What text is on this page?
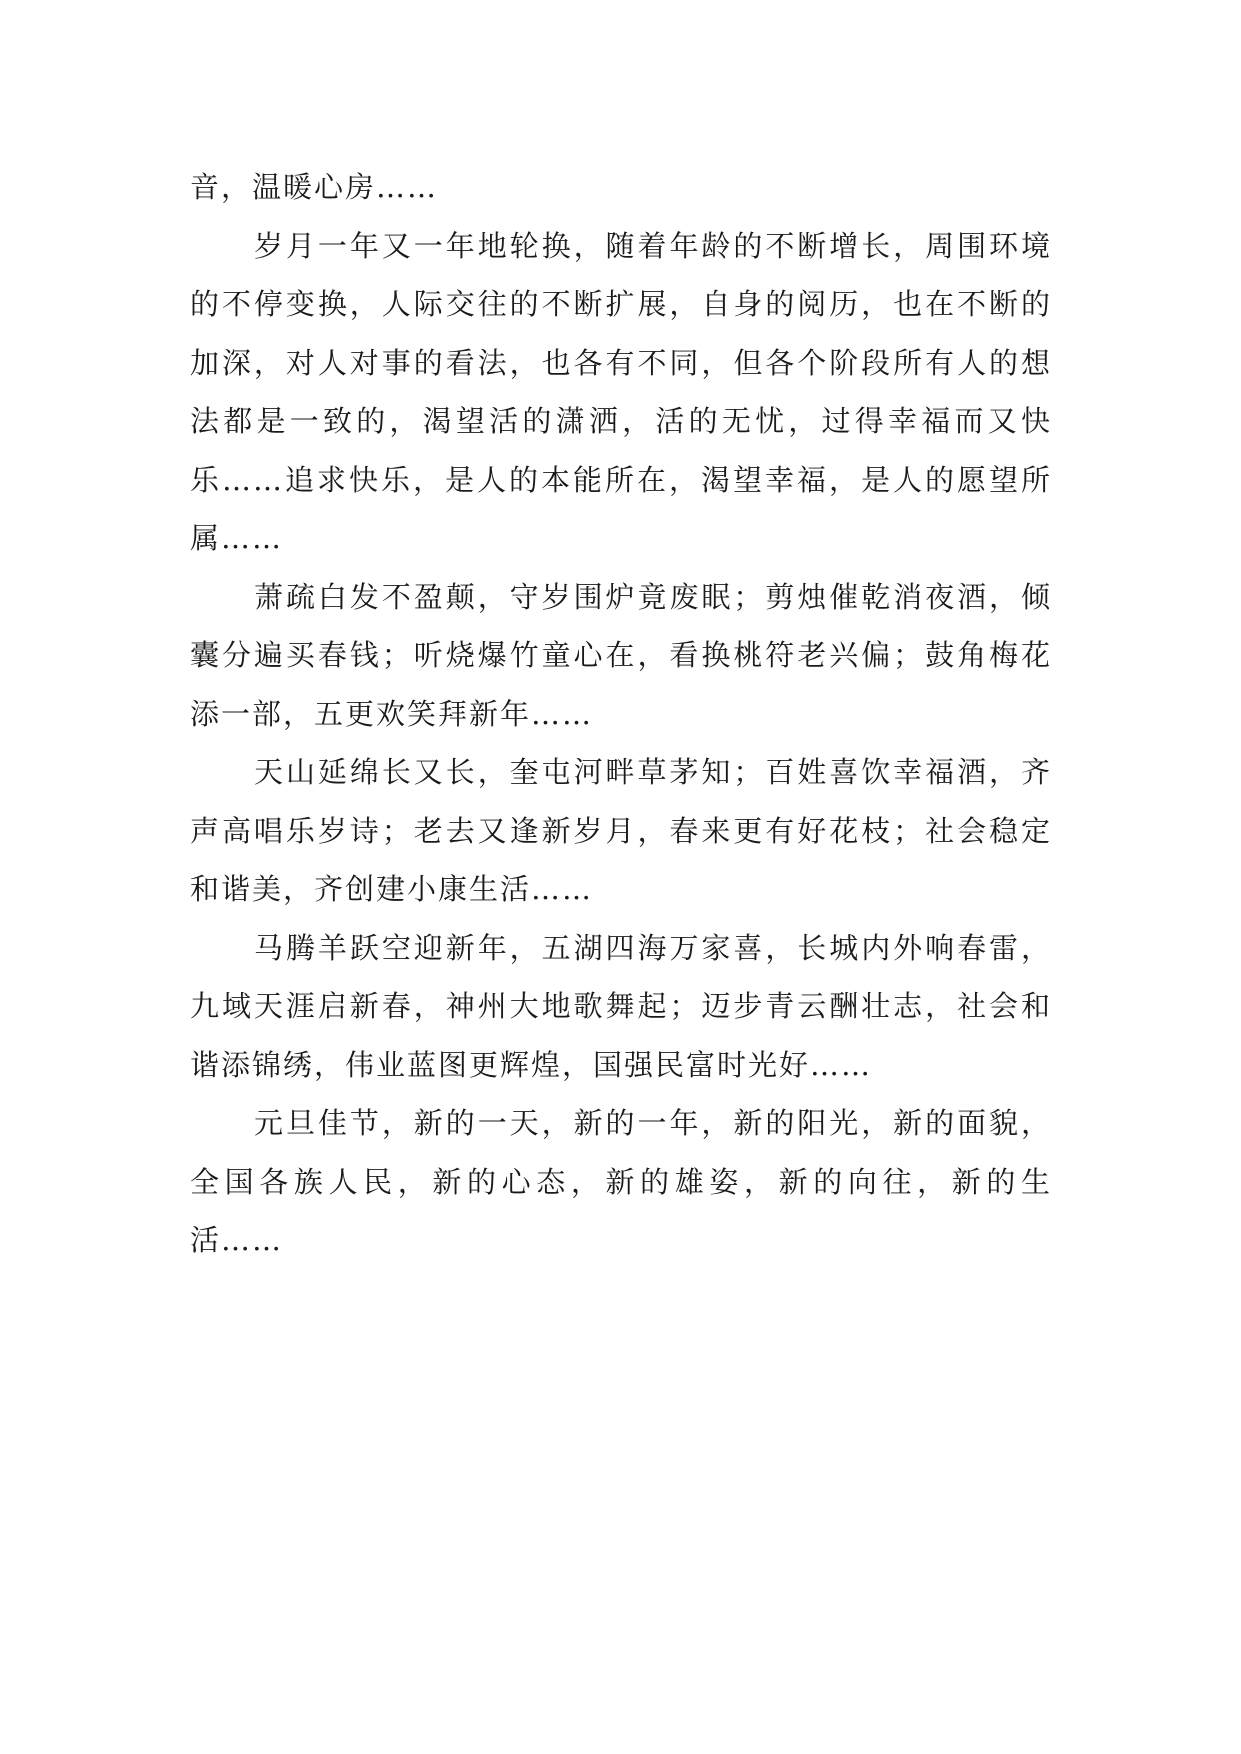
音，温暖心房……

岁月一年又一年地轮换，随着年龄的不断增长，周围环境的不停变换，人际交往的不断扩展，自身的阅历，也在不断的加深，对人对事的看法，也各有不同，但各个阶段所有人的想法都是一致的，渴望活的潇洒，活的无忧，过得幸福而又快乐……追求快乐，是人的本能所在，渴望幸福，是人的愿望所属……

萧疏白发不盈颠，守岁围炉竟废眠；剪烛催乾消夜酒，倾囊分遍买春钱；听烧爆竹童心在，看换桃符老兴偏；鼓角梅花添一部，五更欢笑拜新年……

天山延绵长又长，奎屯河畔草茅知；百姓喜饮幸福酒，齐声高唱乐岁诗；老去又逢新岁月，春来更有好花枝；社会稳定和谐美，齐创建小康生活……

马腾羊跃空迎新年，五湖四海万家喜，长城内外响春雷，九域天涯启新春，神州大地歌舞起；迈步青云酬壮志，社会和谐添锦绣，伟业蓝图更辉煌，国强民富时光好……

元旦佳节，新的一天，新的一年，新的阳光，新的面貌，全国各族人民，新的心态，新的雄姿，新的向往，新的生活……
